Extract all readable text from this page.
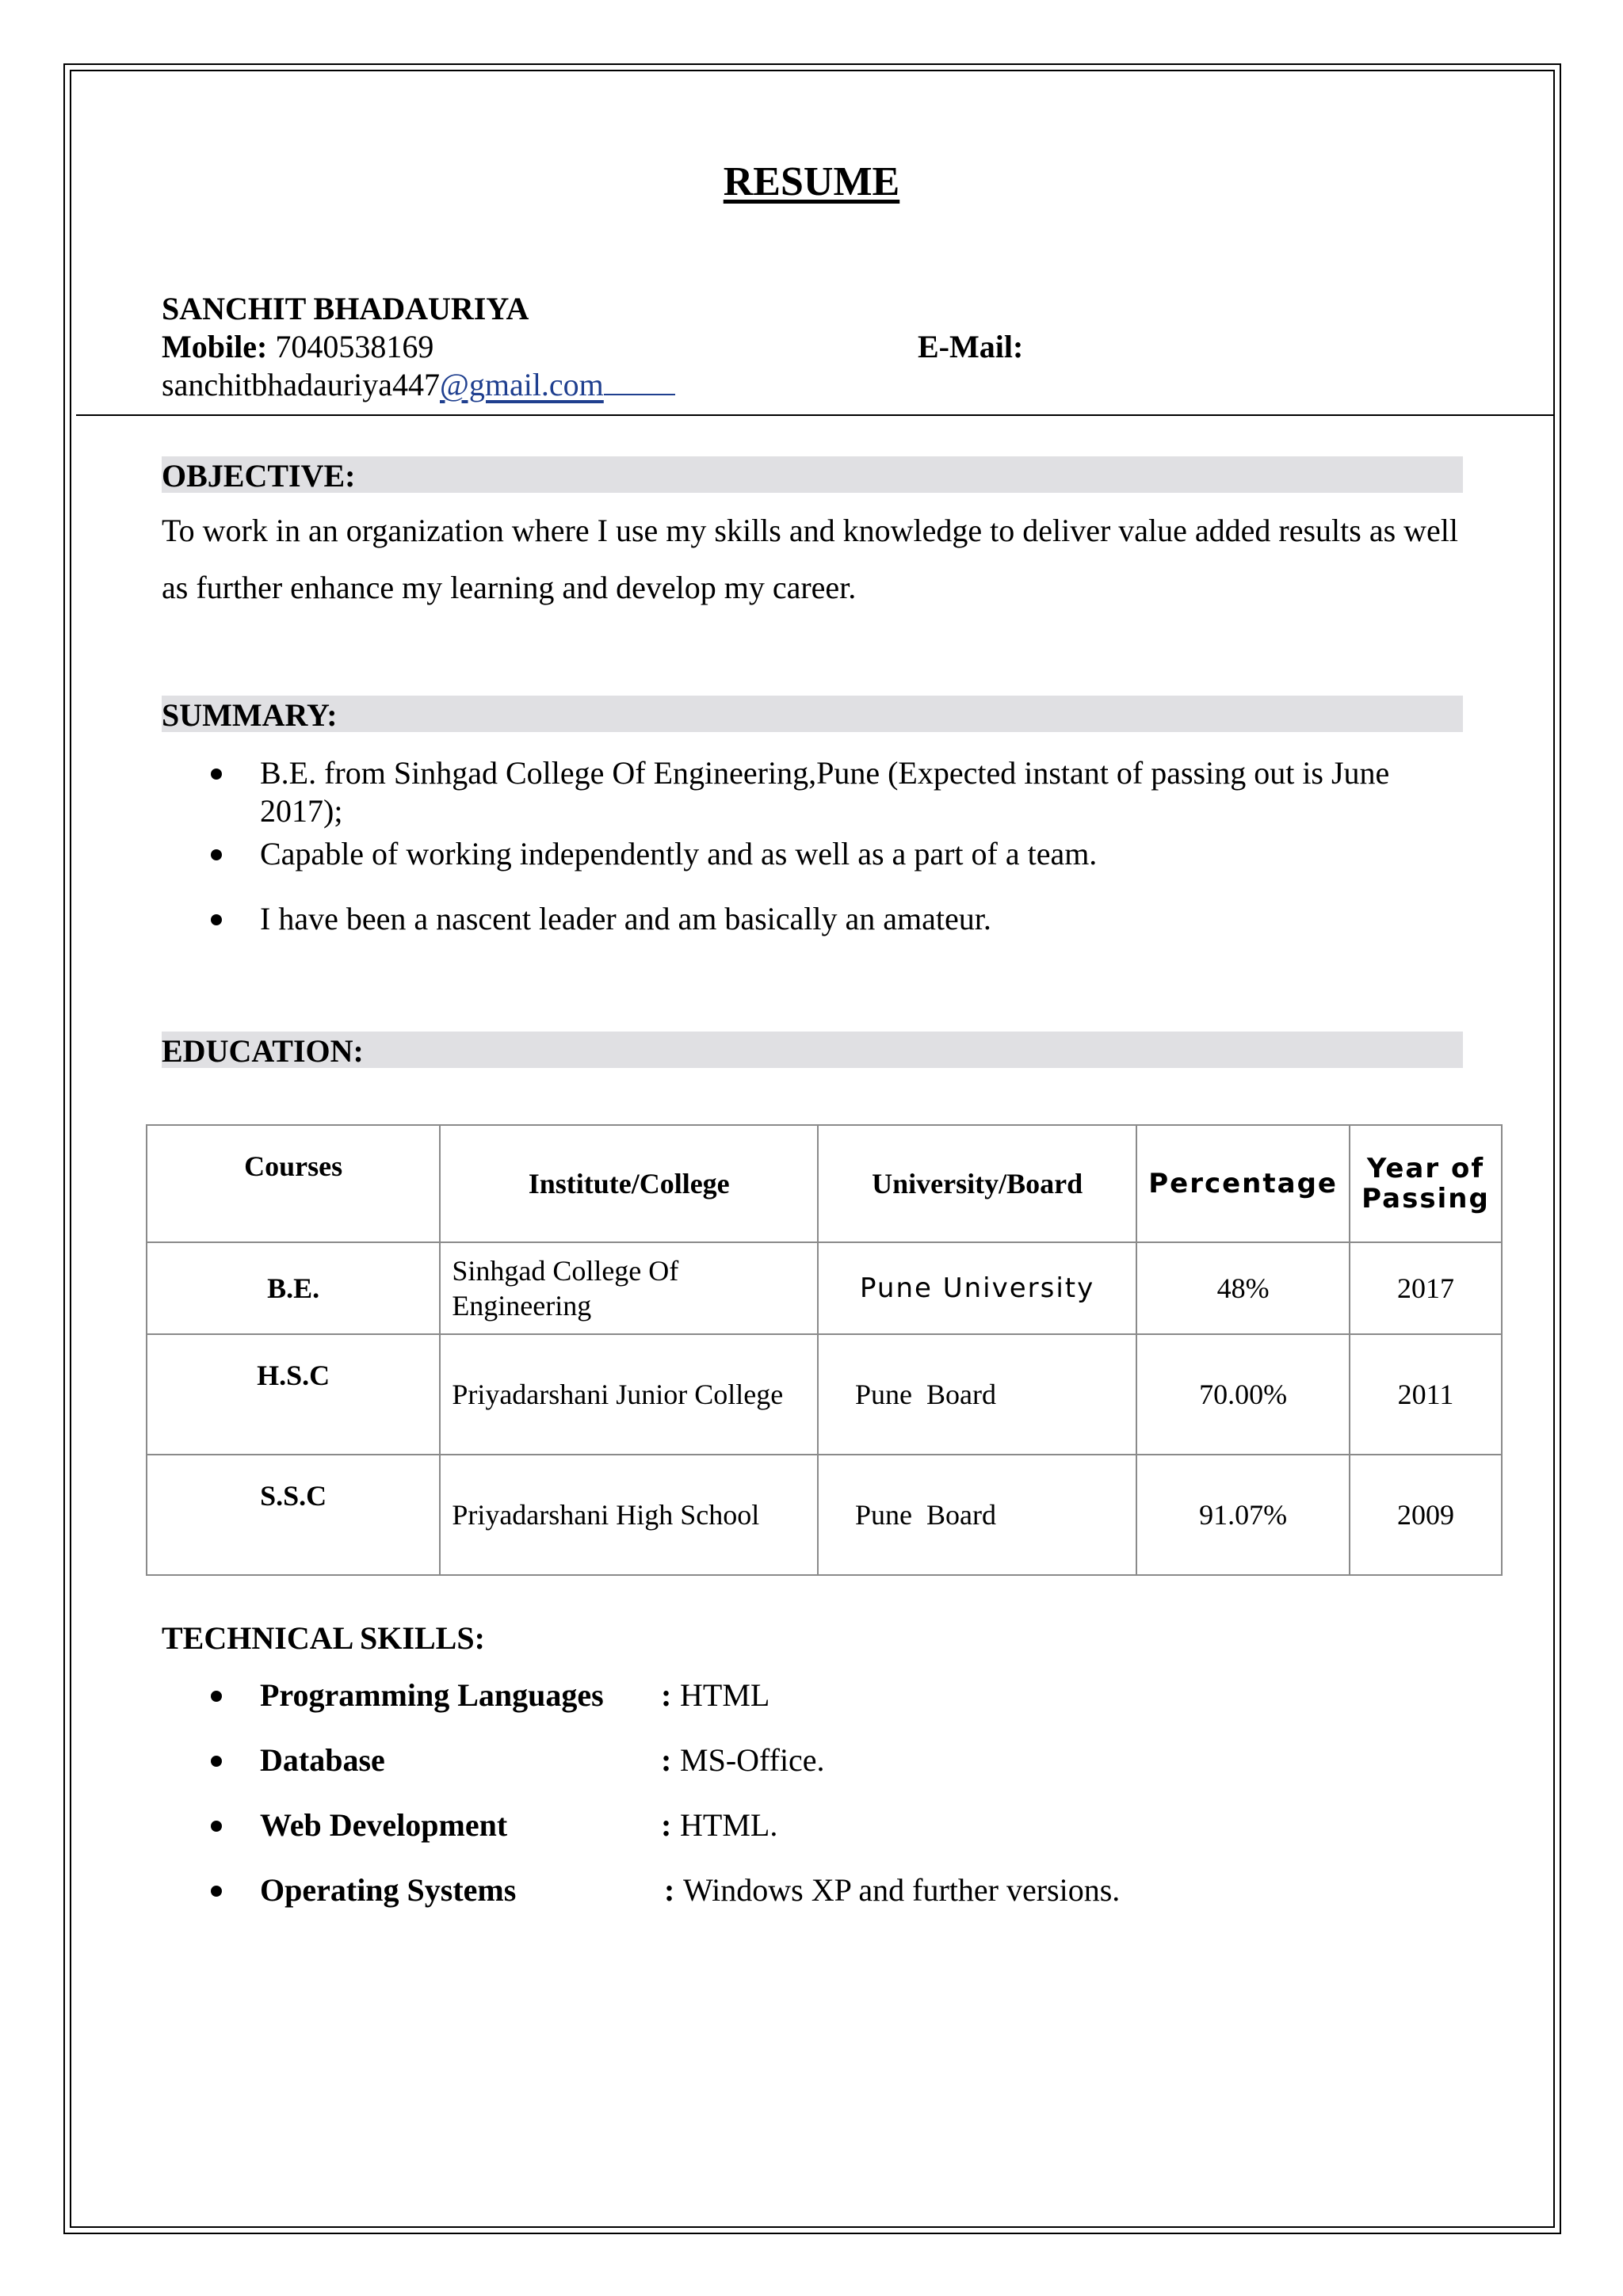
RESUME
SANCHIT BHADAURIYA
Mobile: 7040538169	E-Mail:
sanchitbhadauriya447@gmail.com
OBJECTIVE:
To work in an organization where I use my skills and knowledge to deliver value added results as well as further enhance my learning and develop my career.
SUMMARY:
B.E. from Sinhgad College Of Engineering,Pune (Expected instant of passing out is June 2017);
Capable of working independently and as well as a part of a team.
I have been a nascent leader and am basically an amateur.
EDUCATION:
Courses	Institute/College	University/Board	Percentage	Year of Passing
B.E.	Sinhgad College Of Engineering	Pune University	48%	2017
H.S.C	Priyadarshani Junior College	Pune  Board	70.00%	2011
S.S.C	Priyadarshani High School	Pune  Board	91.07%	2009
TECHNICAL SKILLS:
Programming Languages : HTML
Database	: MS-Office.
Web Development	: HTML.
Operating Systems	: Windows XP and further versions.
